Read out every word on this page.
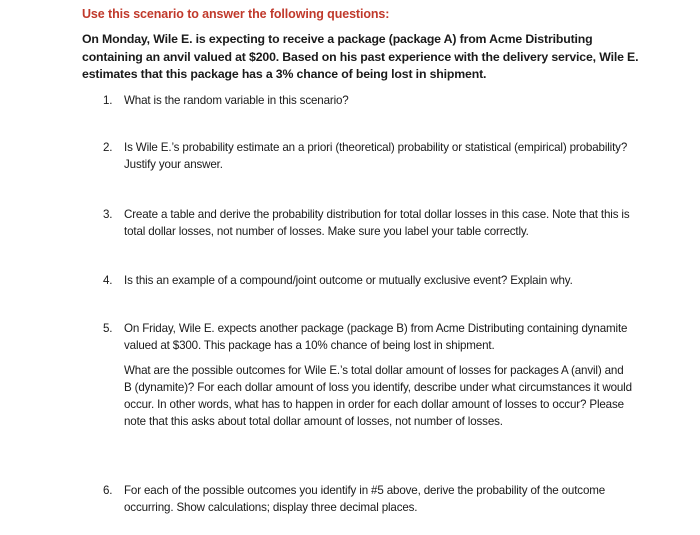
Use this scenario to answer the following questions:
On Monday, Wile E. is expecting to receive a package (package A) from Acme Distributing containing an anvil valued at $200. Based on his past experience with the delivery service, Wile E. estimates that this package has a 3% chance of being lost in shipment.
1.	What is the random variable in this scenario?
2.	Is Wile E.’s probability estimate an a priori (theoretical) probability or statistical (empirical) probability? Justify your answer.
3.	Create a table and derive the probability distribution for total dollar losses in this case. Note that this is total dollar losses, not number of losses. Make sure you label your table correctly.
4.	Is this an example of a compound/joint outcome or mutually exclusive event? Explain why.
5.	On Friday, Wile E. expects another package (package B) from Acme Distributing containing dynamite valued at $300. This package has a 10% chance of being lost in shipment.
What are the possible outcomes for Wile E.’s total dollar amount of losses for packages A (anvil) and B (dynamite)? For each dollar amount of loss you identify, describe under what circumstances it would occur. In other words, what has to happen in order for each dollar amount of losses to occur? Please note that this asks about total dollar amount of losses, not number of losses.
6.	For each of the possible outcomes you identify in #5 above, derive the probability of the outcome occurring. Show calculations; display three decimal places.
